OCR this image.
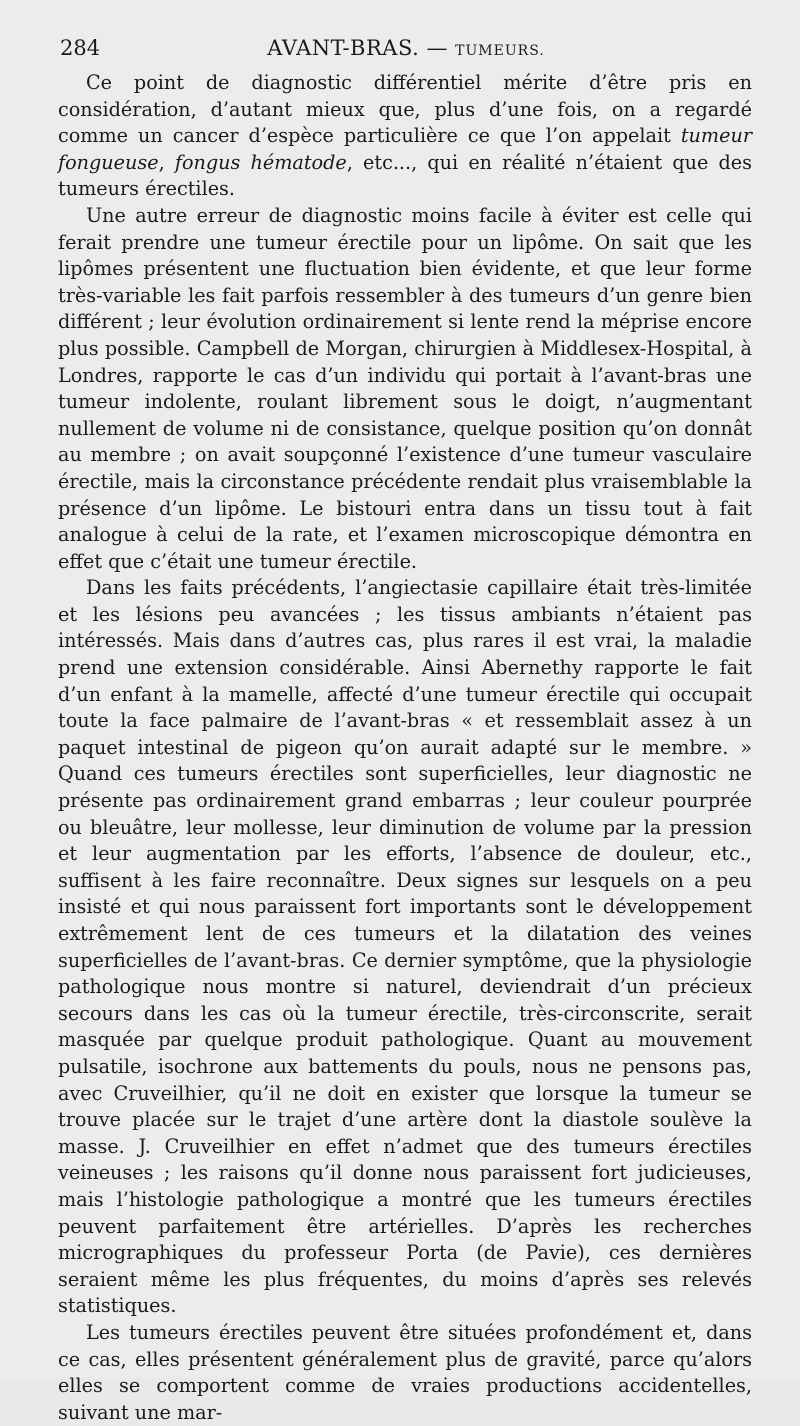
284	AVANT-BRAS. — TUMEURS.

Ce point de diagnostic différentiel mérite d’être pris en considération, d’autant mieux que, plus d’une fois, on a regardé comme un cancer d’espèce particulière ce que l’on appelait tumeur fongueuse, fongus hématode, etc..., qui en réalité n’étaient que des tumeurs érectiles.

Une autre erreur de diagnostic moins facile à éviter est celle qui ferait prendre une tumeur érectile pour un lipôme. On sait que les lipômes présentent une fluctuation bien évidente, et que leur forme très-variable les fait parfois ressembler à des tumeurs d’un genre bien différent ; leur évolution ordinairement si lente rend la méprise encore plus possible. Campbell de Morgan, chirurgien à Middlesex-Hospital, à Londres, rapporte le cas d’un individu qui portait à l’avant-bras une tumeur indolente, roulant librement sous le doigt, n’augmentant nullement de volume ni de consistance, quelque position qu’on donnât au membre ; on avait soupçonné l’existence d’une tumeur vasculaire érectile, mais la circonstance précédente rendait plus vraisemblable la présence d’un lipôme. Le bistouri entra dans un tissu tout à fait analogue à celui de la rate, et l’examen microscopique démontra en effet que c’était une tumeur érectile.

Dans les faits précédents, l’angiectasie capillaire était très-limitée et les lésions peu avancées ; les tissus ambiants n’étaient pas intéressés. Mais dans d’autres cas, plus rares il est vrai, la maladie prend une extension considérable. Ainsi Abernethy rapporte le fait d’un enfant à la mamelle, affecté d’une tumeur érectile qui occupait toute la face palmaire de l’avant-bras « et ressemblait assez à un paquet intestinal de pigeon qu’on aurait adapté sur le membre. » Quand ces tumeurs érectiles sont superficielles, leur diagnostic ne présente pas ordinairement grand embarras ; leur couleur pourprée ou bleuâtre, leur mollesse, leur diminution de volume par la pression et leur augmentation par les efforts, l’absence de douleur, etc., suffisent à les faire reconnaître. Deux signes sur lesquels on a peu insisté et qui nous paraissent fort importants sont le développement extrêmement lent de ces tumeurs et la dilatation des veines superficielles de l’avant-bras. Ce dernier symptôme, que la physiologie pathologique nous montre si naturel, deviendrait d’un précieux secours dans les cas où la tumeur érectile, très-circonscrite, serait masquée par quelque produit pathologique. Quant au mouvement pulsatile, isochrone aux battements du pouls, nous ne pensons pas, avec Cruveilhier, qu’il ne doit en exister que lorsque la tumeur se trouve placée sur le trajet d’une artère dont la diastole soulève la masse. J. Cruveilhier en effet n’admet que des tumeurs érectiles veineuses ; les raisons qu’il donne nous paraissent fort judicieuses, mais l’histologie pathologique a montré que les tumeurs érectiles peuvent parfaitement être artérielles. D’après les recherches micrographiques du professeur Porta (de Pavie), ces dernières seraient même les plus fréquentes, du moins d’après ses relevés statistiques.

Les tumeurs érectiles peuvent être situées profondément et, dans ce cas, elles présentent généralement plus de gravité, parce qu’alors elles se comportent comme de vraies productions accidentelles, suivant une mar-
